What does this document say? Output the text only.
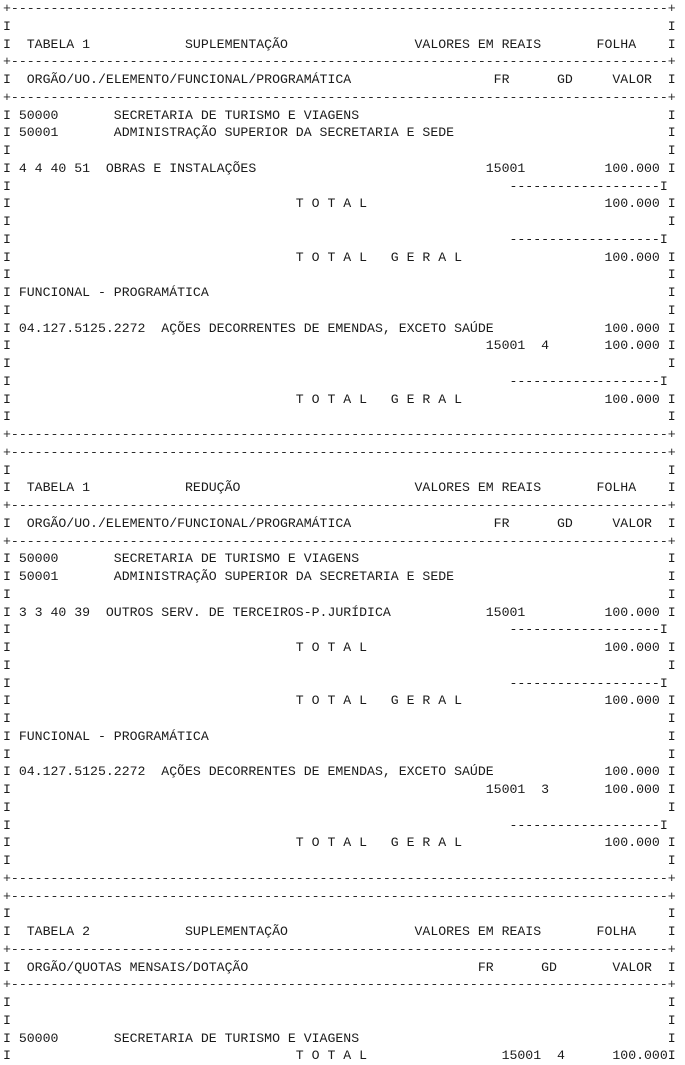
+-----------------------------------------------------------------------------------+
I                                                                                   I
I  TABELA 1            SUPLEMENTAÇÃO                VALORES EM REAIS       FOLHA    I
+-----------------------------------------------------------------------------------+
I  ORGÃO/UO./ELEMENTO/FUNCIONAL/PROGRAMÁTICA                  FR      GD     VALOR  I
+-----------------------------------------------------------------------------------+
I 50000       SECRETARIA DE TURISMO E VIAGENS                                       I
I 50001       ADMINISTRAÇÃO SUPERIOR DA SECRETARIA E SEDE                           I
I                                                                                   I
I 4 4 40 51  OBRAS E INSTALAÇÕES                             15001          100.000 I
I                                                               -------------------I
I                                    T O T A L                              100.000 I
I                                                                                   I
I                                                               -------------------I
I                                    T O T A L   G E R A L                  100.000 I
I                                                                                   I
I FUNCIONAL - PROGRAMÁTICA                                                          I
I                                                                                   I
I 04.127.5125.2272  AÇÕES DECORRENTES DE EMENDAS, EXCETO SAÚDE              100.000 I
I                                                            15001  4       100.000 I
I                                                                                   I
I                                                               -------------------I
I                                    T O T A L   G E R A L                  100.000 I
I                                                                                   I
+-----------------------------------------------------------------------------------+
+-----------------------------------------------------------------------------------+
I                                                                                   I
I  TABELA 1            REDUÇÃO                      VALORES EM REAIS       FOLHA    I
+-----------------------------------------------------------------------------------+
I  ORGÃO/UO./ELEMENTO/FUNCIONAL/PROGRAMÁTICA                  FR      GD     VALOR  I
+-----------------------------------------------------------------------------------+
I 50000       SECRETARIA DE TURISMO E VIAGENS                                       I
I 50001       ADMINISTRAÇÃO SUPERIOR DA SECRETARIA E SEDE                           I
I                                                                                   I
I 3 3 40 39  OUTROS SERV. DE TERCEIROS-P.JURÍDICA            15001          100.000 I
I                                                               -------------------I
I                                    T O T A L                              100.000 I
I                                                                                   I
I                                                               -------------------I
I                                    T O T A L   G E R A L                  100.000 I
I                                                                                   I
I FUNCIONAL - PROGRAMÁTICA                                                          I
I                                                                                   I
I 04.127.5125.2272  AÇÕES DECORRENTES DE EMENDAS, EXCETO SAÚDE              100.000 I
I                                                            15001  3       100.000 I
I                                                                                   I
I                                                               -------------------I
I                                    T O T A L   G E R A L                  100.000 I
I                                                                                   I
+-----------------------------------------------------------------------------------+
+-----------------------------------------------------------------------------------+
I                                                                                   I
I  TABELA 2            SUPLEMENTAÇÃO                VALORES EM REAIS       FOLHA    I
+-----------------------------------------------------------------------------------+
I  ORGÃO/QUOTAS MENSAIS/DOTAÇÃO                             FR      GD       VALOR  I
+-----------------------------------------------------------------------------------+
I                                                                                   I
I                                                                                   I
I 50000       SECRETARIA DE TURISMO E VIAGENS                                       I
I                                    T O T A L                 15001  4      100.000I
